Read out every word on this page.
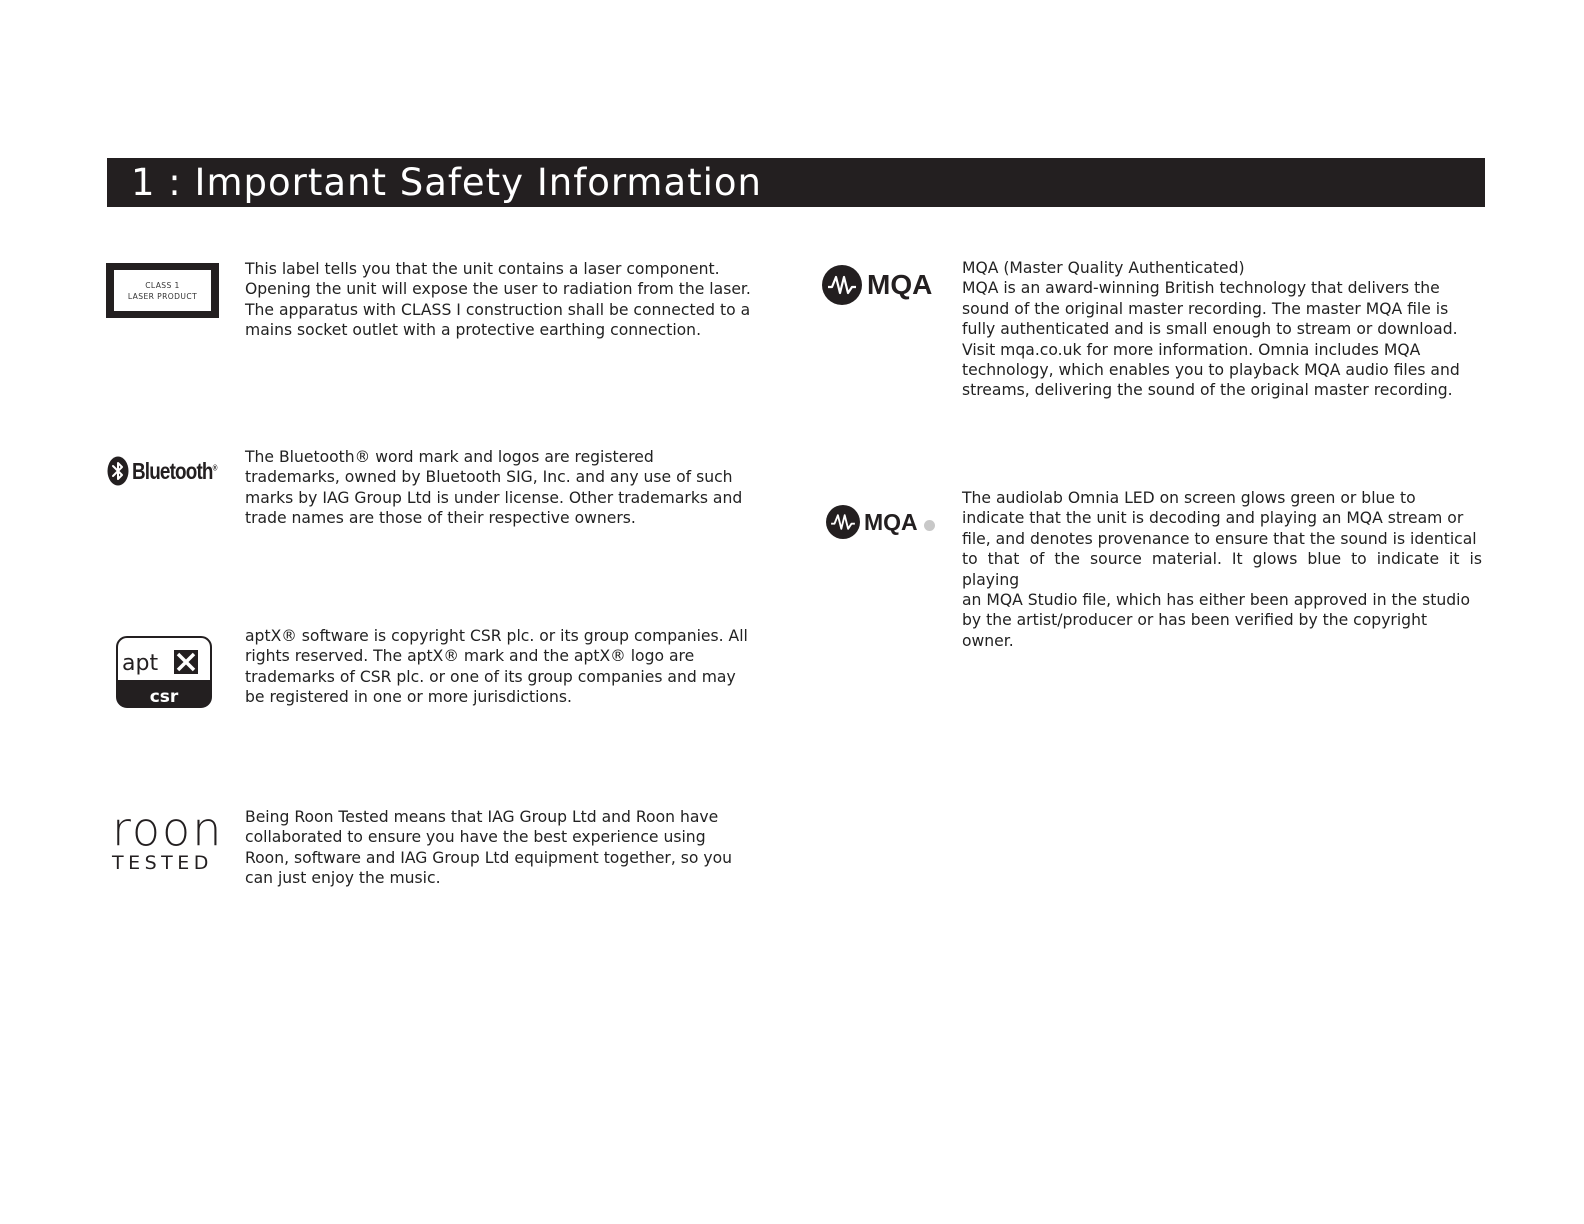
1 : Important Safety Information
CLASS 1
LASER PRODUCT
This label tells you that the unit contains a laser component.
Opening the unit will expose the user to radiation from the laser.
The apparatus with CLASS I construction shall be connected to a
mains socket outlet with a protective earthing connection.
Bluetooth®
The Bluetooth® word mark and logos are registered
trademarks, owned by Bluetooth SIG, Inc. and any use of such
marks by IAG Group Ltd is under license. Other trademarks and
trade names are those of their respective owners.
apt
csr
aptX® software is copyright CSR plc. or its group companies. All
rights reserved. The aptX® mark and the aptX® logo are
trademarks of CSR plc. or one of its group companies and may
be registered in one or more jurisdictions.
roon
TESTED
Being Roon Tested means that IAG Group Ltd and Roon have
collaborated to ensure you have the best experience using
Roon, software and IAG Group Ltd equipment together, so you
can just enjoy the music.
MQA
MQA (Master Quality Authenticated)
MQA is an award-winning British technology that delivers the
sound of the original master recording. The master MQA file is
fully authenticated and is small enough to stream or download.
Visit mqa.co.uk for more information. Omnia includes MQA
technology, which enables you to playback MQA audio files and
streams, delivering the sound of the original master recording.
MQA
The audiolab Omnia LED on screen glows green or blue to
indicate that the unit is decoding and playing an MQA stream or
file, and denotes provenance to ensure that the sound is identical
to that of the source material. It glows blue to indicate it is playing
an MQA Studio file, which has either been approved in the studio
by the artist/producer or has been verified by the copyright
owner.
